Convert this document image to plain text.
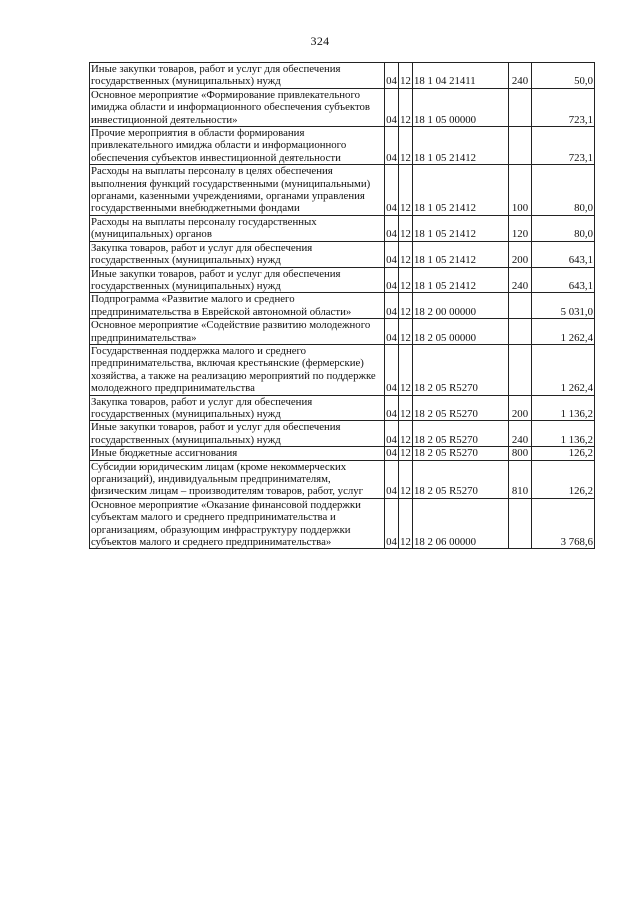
324
Иные закупки товаров, работ и услуг для обеспечения государственных (муниципальных) нужд	04	12	18 1 04 21411	240	50,0
Основное мероприятие «Формирование привлекательного имиджа области и информационного обеспечения субъектов инвестиционной деятельности»	04	12	18 1 05 00000		723,1
Прочие мероприятия в области формирования привлекательного имиджа области и информационного обеспечения субъектов инвестиционной деятельности	04	12	18 1 05 21412		723,1
Расходы на выплаты персоналу в целях обеспечения выполнения функций государственными (муниципальными) органами, казенными учреждениями, органами управления государственными внебюджетными фондами	04	12	18 1 05 21412	100	80,0
Расходы на выплаты персоналу государственных (муниципальных) органов	04	12	18 1 05 21412	120	80,0
Закупка товаров, работ и услуг для обеспечения государственных (муниципальных) нужд	04	12	18 1 05 21412	200	643,1
Иные закупки товаров, работ и услуг для обеспечения государственных (муниципальных) нужд	04	12	18 1 05 21412	240	643,1
Подпрограмма «Развитие малого и среднего предпринимательства в Еврейской автономной области»	04	12	18 2 00 00000		5 031,0
Основное мероприятие «Содействие развитию молодежного предпринимательства»	04	12	18 2 05 00000		1 262,4
Государственная поддержка малого и среднего предпринимательства, включая крестьянские (фермерские) хозяйства, а также на реализацию мероприятий по поддержке молодежного предпринимательства	04	12	18 2 05 R5270		1 262,4
Закупка товаров, работ и услуг для обеспечения государственных (муниципальных) нужд	04	12	18 2 05 R5270	200	1 136,2
Иные закупки товаров, работ и услуг для обеспечения государственных (муниципальных) нужд	04	12	18 2 05 R5270	240	1 136,2
Иные бюджетные ассигнования	04	12	18 2 05 R5270	800	126,2
Субсидии юридическим лицам (кроме некоммерческих организаций), индивидуальным предпринимателям, физическим лицам – производителям товаров, работ, услуг	04	12	18 2 05 R5270	810	126,2
Основное мероприятие «Оказание финансовой поддержки субъектам малого и среднего предпринимательства и организациям, образующим инфраструктуру поддержки субъектов малого и среднего предпринимательства»	04	12	18 2 06 00000		3 768,6
